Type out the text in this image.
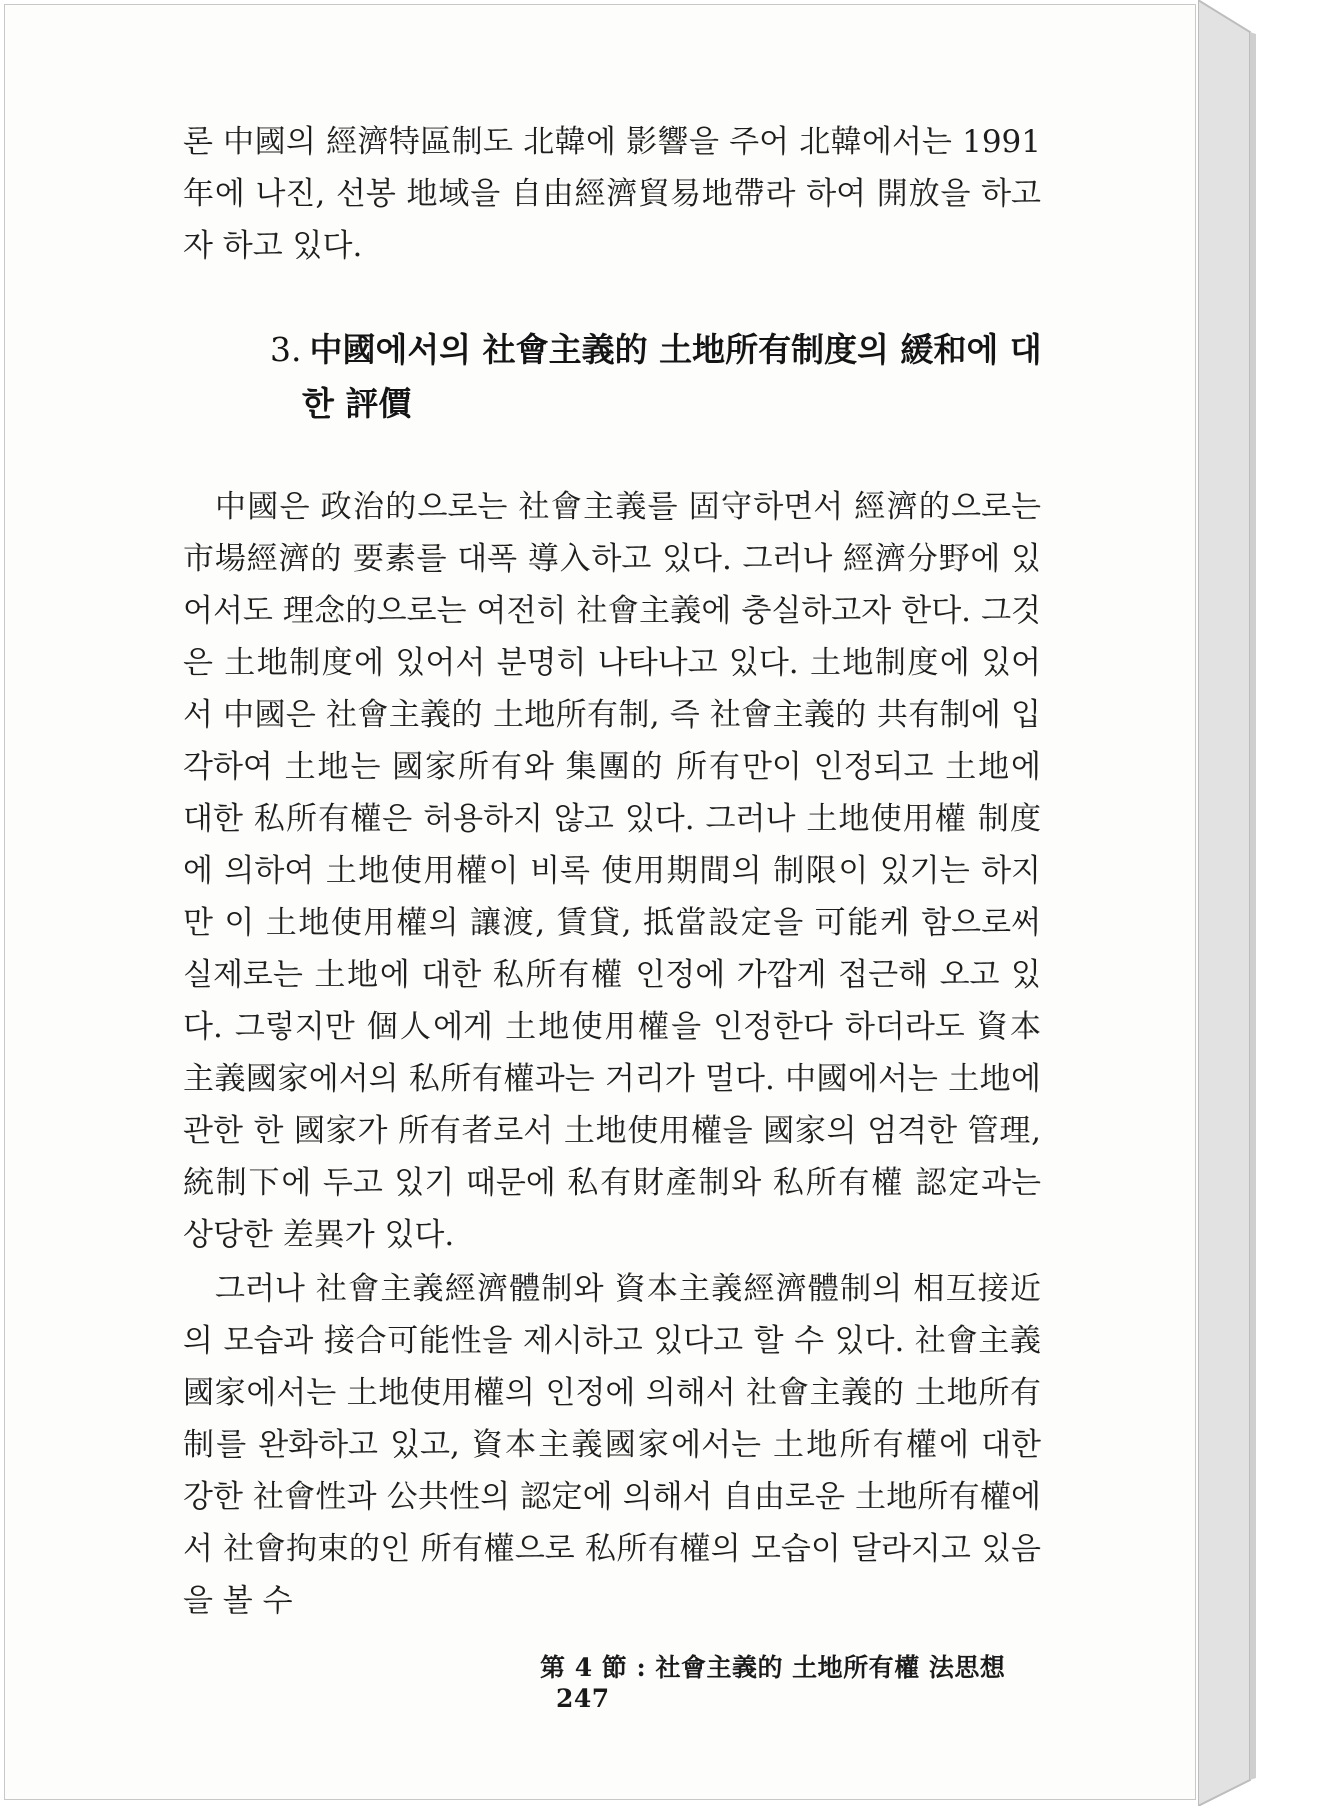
론 中國의 經濟特區制도 北韓에 影響을 주어 北韓에서는 1991年에 나진, 선봉 地域을 自由經濟貿易地帶라 하여 開放을 하고자 하고 있다.
3. 中國에서의 社會主義的 土地所有制度의 緩和에 대
한 評價
中國은 政治的으로는 社會主義를 固守하면서 經濟的으로는 市場經濟的 要素를 대폭 導入하고 있다. 그러나 經濟分野에 있어서도 理念的으로는 여전히 社會主義에 충실하고자 한다. 그것은 土地制度에 있어서 분명히 나타나고 있다. 土地制度에 있어서 中國은 社會主義的 土地所有制, 즉 社會主義的 共有制에 입각하여 土地는 國家所有와 集團的 所有만이 인정되고 土地에 대한 私所有權은 허용하지 않고 있다. 그러나 土地使用權 制度에 의하여 土地使用權이 비록 使用期間의 制限이 있기는 하지만 이 土地使用權의 讓渡, 賃貸, 抵當設定을 可能케 함으로써 실제로는 土地에 대한 私所有權 인정에 가깝게 접근해 오고 있다. 그렇지만 個人에게 土地使用權을 인정한다 하더라도 資本主義國家에서의 私所有權과는 거리가 멀다. 中國에서는 土地에 관한 한 國家가 所有者로서 土地使用權을 國家의 엄격한 管理, 統制下에 두고 있기 때문에 私有財產制와 私所有權 認定과는 상당한 差異가 있다.
그러나 社會主義經濟體制와 資本主義經濟體制의 相互接近의 모습과 接合可能性을 제시하고 있다고 할 수 있다. 社會主義國家에서는 土地使用權의 인정에 의해서 社會主義的 土地所有制를 완화하고 있고, 資本主義國家에서는 土地所有權에 대한 강한 社會性과 公共性의 認定에 의해서 自由로운 土地所有權에서 社會拘束的인 所有權으로 私所有權의 모습이 달라지고 있음을 볼 수
第 4 節 : 社會主義的 土地所有權 法思想247
